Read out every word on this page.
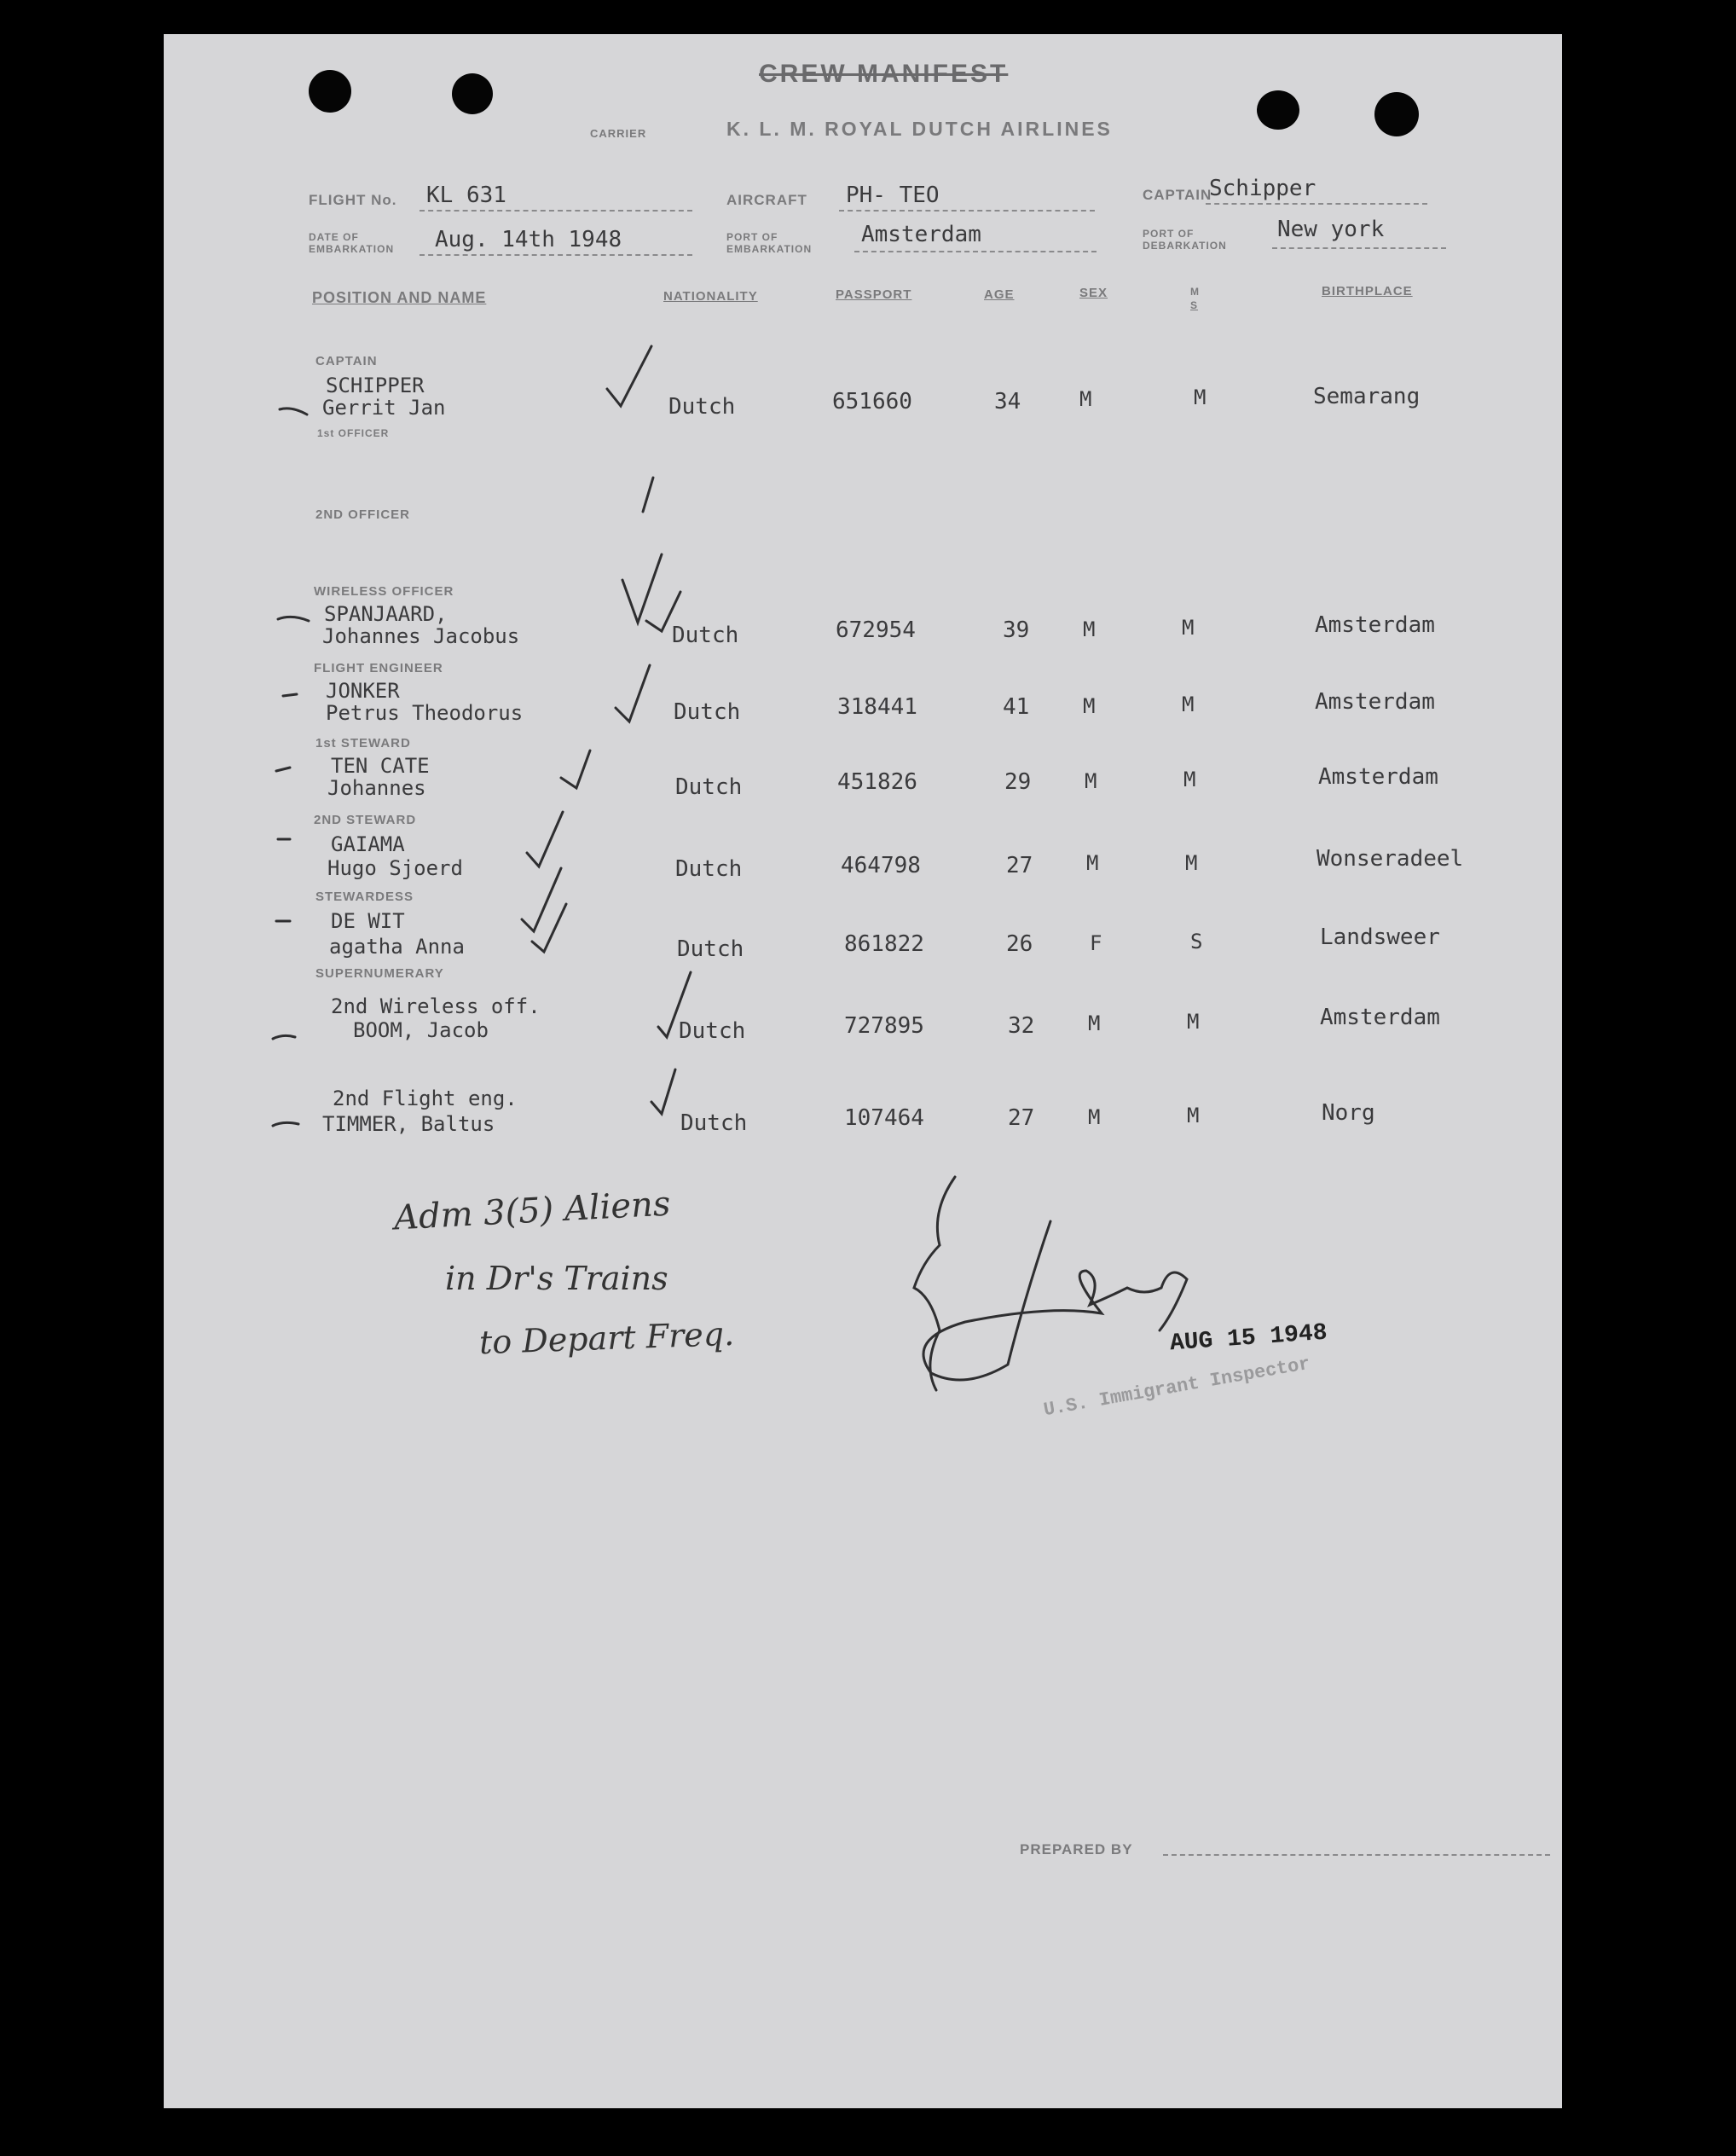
CREW MANIFEST
CARRIER	K. L. M. ROYAL DUTCH AIRLINES
FLIGHT No. KL 631	AIRCRAFT PH- TEO	CAPTAIN
Schipper
DATE OF
EMBARKATION Aug. 14th 1948	PORT OF
EMBARKATION
Amsterdam	PORT OF
DEBARKATION
New york
POSITION AND NAME	NATIONALITY	PASSPORT	AGE	SEX	M
S
BIRTHPLACE
1st OFFICER
2ND OFFICER
CAPTAIN
SCHIPPER
Gerrit Jan	Dutch	651660	34	M	M	Semarang
WIRELESS OFFICER
SPANJAARD,
Johannes Jacobus	Dutch	672954	39	M	M	Amsterdam
FLIGHT ENGINEER
JONKER
Petrus Theodorus	Dutch	318441	41	M	M	Amsterdam
1st STEWARD
TEN CATE
Johannes	Dutch	451826	29	M	M	Amsterdam
2ND STEWARD
GAIAMA
Hugo Sjoerd	Dutch	464798	27	M	M	Wonseradeel
STEWARDESS
DE WIT
agatha Anna	Dutch	861822	26	F	S	Landsweer
SUPERNUMERARY
2nd Wireless off.
BOOM, Jacob	Dutch	727895	32	M	M	Amsterdam
2nd Flight eng.
TIMMER, Baltus	Dutch	107464	27	M	M	Norg
Adm 3(5) Aliens
in Dr's Trains
to Depart Freq.	AUG 15 1948
U.S. Immigrant Inspector
PREPARED BY
